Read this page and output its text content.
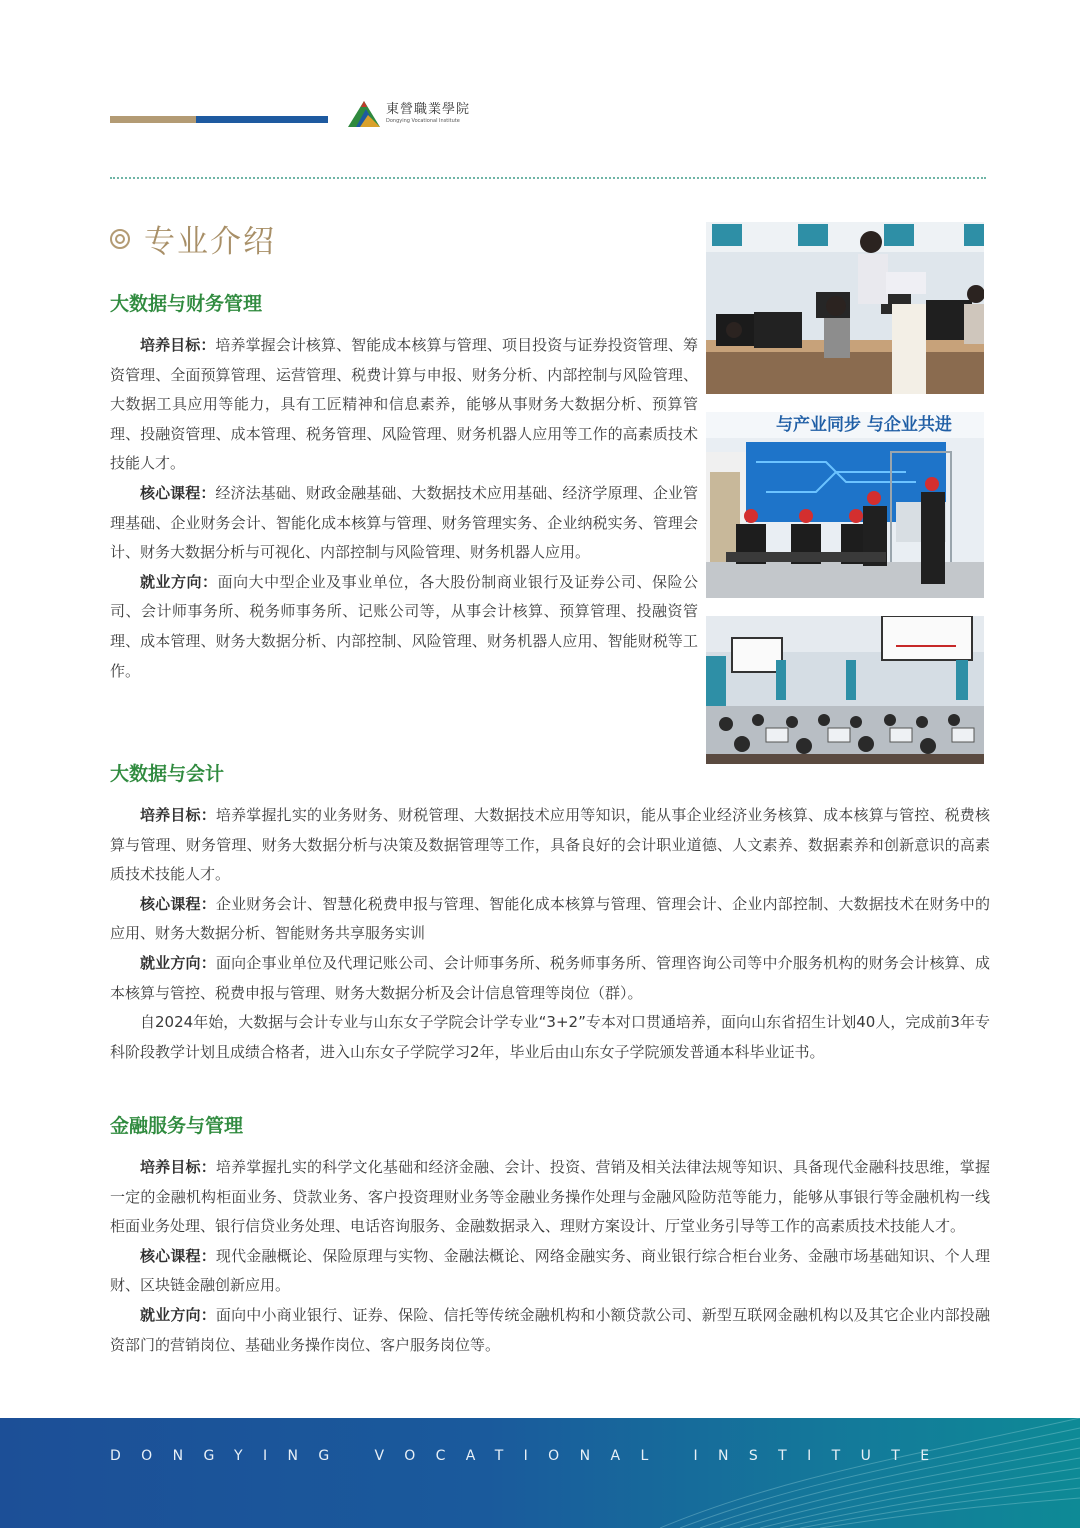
東營職業學院
Dongying Vocational Institute
专业介绍
大数据与财务管理

培养目标：培养掌握会计核算、智能成本核算与管理、项目投资与证券投资管理、筹资管理、全面预算管理、运营管理、税费计算与申报、财务分析、内部控制与风险管理、大数据工具应用等能力，具有工匠精神和信息素养，能够从事财务大数据分析、预算管理、投融资管理、成本管理、税务管理、风险管理、财务机器人应用等工作的高素质技术技能人才。

核心课程：经济法基础、财政金融基础、大数据技术应用基础、经济学原理、企业管理基础、企业财务会计、智能化成本核算与管理、财务管理实务、企业纳税实务、管理会计、财务大数据分析与可视化、内部控制与风险管理、财务机器人应用。

就业方向：面向大中型企业及事业单位，各大股份制商业银行及证券公司、保险公司、会计师事务所、税务师事务所、记账公司等，从事会计核算、预算管理、投融资管理、成本管理、财务大数据分析、内部控制、风险管理、财务机器人应用、智能财税等工作。

大数据与会计

培养目标：培养掌握扎实的业务财务、财税管理、大数据技术应用等知识，能从事企业经济业务核算、成本核算与管控、税费核算与管理、财务管理、财务大数据分析与决策及数据管理等工作，具备良好的会计职业道德、人文素养、数据素养和创新意识的高素质技术技能人才。

核心课程：企业财务会计、智慧化税费申报与管理、智能化成本核算与管理、管理会计、企业内部控制、大数据技术在财务中的应用、财务大数据分析、智能财务共享服务实训

就业方向：面向企事业单位及代理记账公司、会计师事务所、税务师事务所、管理咨询公司等中介服务机构的财务会计核算、成本核算与管控、税费申报与管理、财务大数据分析及会计信息管理等岗位（群）。

自2024年始，大数据与会计专业与山东女子学院会计学专业“3+2”专本对口贯通培养，面向山东省招生计划40人，完成前3年专科阶段教学计划且成绩合格者，进入山东女子学院学习2年，毕业后由山东女子学院颁发普通本科毕业证书。

金融服务与管理

培养目标：培养掌握扎实的科学文化基础和经济金融、会计、投资、营销及相关法律法规等知识、具备现代金融科技思维，掌握一定的金融机构柜面业务、贷款业务、客户投资理财业务等金融业务操作处理与金融风险防范等能力，能够从事银行等金融机构一线柜面业务处理、银行信贷业务处理、电话咨询服务、金融数据录入、理财方案设计、厅堂业务引导等工作的高素质技术技能人才。

核心课程：现代金融概论、保险原理与实物、金融法概论、网络金融实务、商业银行综合柜台业务、金融市场基础知识、个人理财、区块链金融创新应用。

就业方向：面向中小商业银行、证券、保险、信托等传统金融机构和小额贷款公司、新型互联网金融机构以及其它企业内部投融资部门的营销岗位、基础业务操作岗位、客户服务岗位等。

与产业同步 与企业共进
DONGYING VOCATIONAL INSTITUTE
